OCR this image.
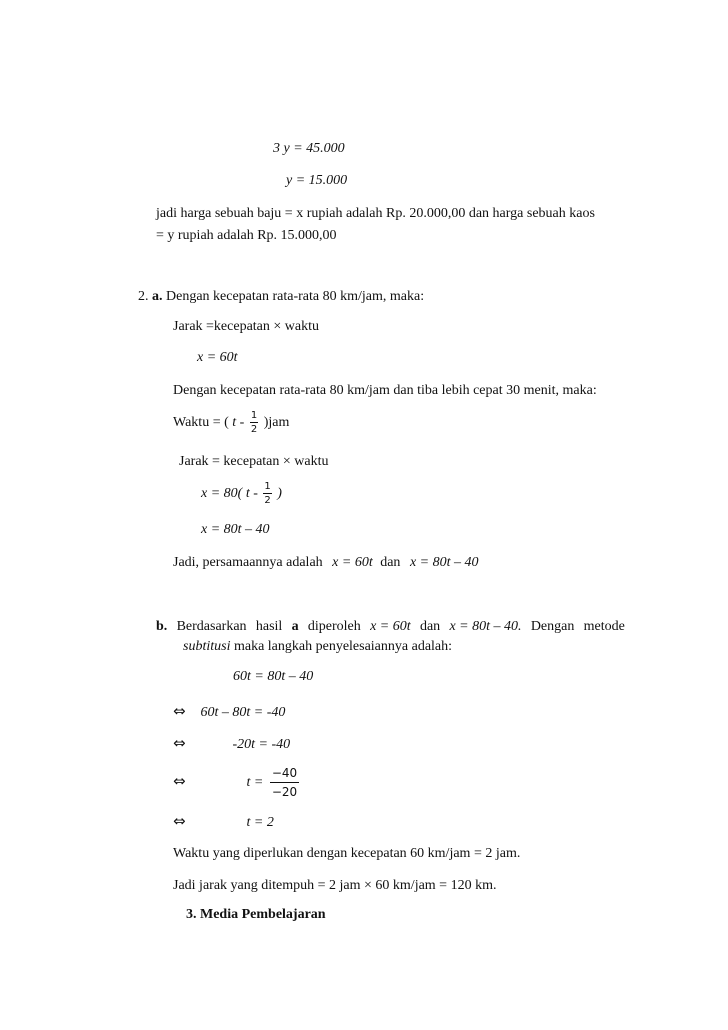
3 y = 45.000
y = 15.000
jadi harga sebuah baju = x rupiah adalah Rp. 20.000,00 dan harga sebuah kaos
= y rupiah adalah Rp. 15.000,00
2. a. Dengan kecepatan rata-rata 80 km/jam, maka:
Jarak =kecepatan × waktu
x = 60t
Dengan kecepatan rata-rata 80 km/jam dan tiba lebih cepat 30 menit, maka:
Waktu = ( t - $\frac{1}{2} )jam$
Jarak = kecepatan × waktu
x = 80( t - $\frac{1}{2}$ )
x = 80t – 40
Jadi, persamaannya adalah x = 60t dan x = 80t – 40
b. Berdasarkan hasil a diperoleh x = 60t dan x = 80t – 40. Dengan metode
subtitusi maka langkah penyelesaiannya adalah:
60t = 80t – 40
⇔ 60t – 80t = -40
⇔	-20t = -40
⇔	$t = \frac{-40}{-20}$
⇔	t = 2
Waktu yang diperlukan dengan kecepatan 60 km/jam = 2 jam.
Jadi jarak yang ditempuh = 2 jam × 60 km/jam = 120 km.
3. Media Pembelajaran
